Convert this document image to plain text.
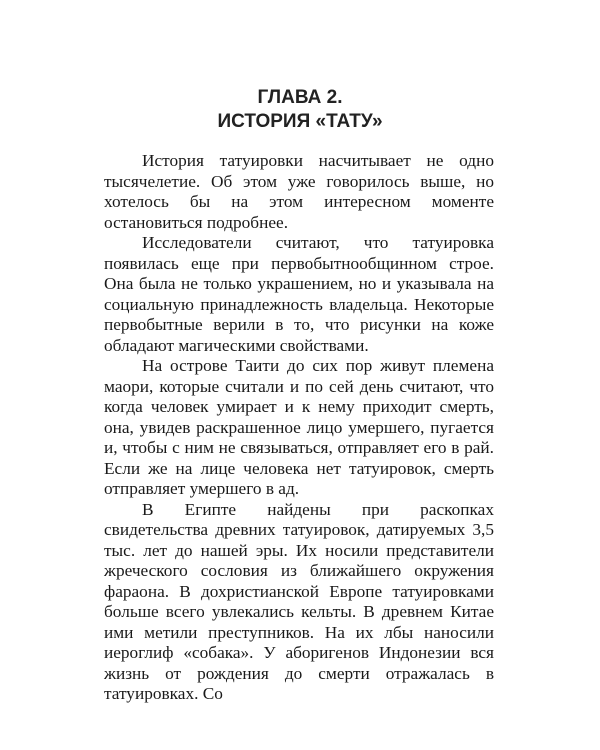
ГЛАВА 2.
ИСТОРИЯ «ТАТУ»

История татуировки насчитывает не одно тысячелетие. Об этом уже говорилось выше, но хотелось бы на этом интересном моменте остановиться подробнее.

Исследователи считают, что татуировка появилась еще при первобытнообщинном строе. Она была не только украшением, но и указывала на социальную принадлежность владельца. Некоторые первобытные верили в то, что рисунки на коже обладают магическими свойствами.

На острове Таити до сих пор живут племена маори, которые считали и по сей день считают, что когда человек умирает и к нему приходит смерть, она, увидев раскрашенное лицо умершего, пугается и, чтобы с ним не связываться, отправляет его в рай. Если же на лице человека нет татуировок, смерть отправляет умершего в ад.

В Египте найдены при раскопках свидетельства древних татуировок, датируемых 3,5 тыс. лет до нашей эры. Их носили представители жреческого сословия из ближайшего окружения фараона. В дохристианской Европе татуировками больше всего увлекались кельты. В древнем Китае ими метили преступников. На их лбы наносили иероглиф «собака». У аборигенов Индонезии вся жизнь от рождения до смерти отражалась в татуировках. Со
